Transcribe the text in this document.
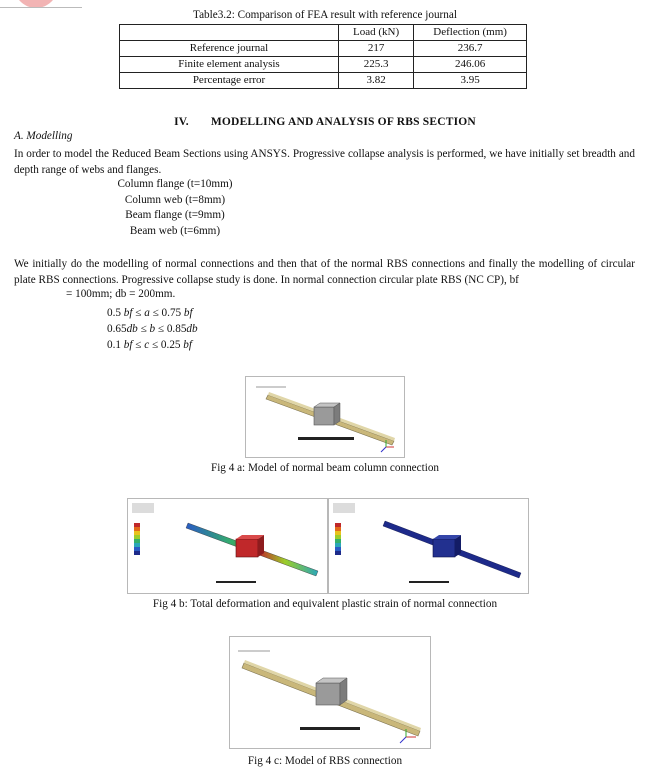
Table3.2: Comparison of FEA result with reference journal
	Load (kN)	Deflection (mm)
Reference journal	217	236.7
Finite element analysis	225.3	246.06
Percentage error	3.82	3.95
IV. MODELLING AND ANALYSIS OF RBS SECTION
A. Modelling
In order to model the Reduced Beam Sections using ANSYS. Progressive collapse analysis is performed, we have initially set breadth and depth range of webs and flanges.
Column flange (t=10mm)
Column web (t=8mm)
Beam flange (t=9mm)
Beam web (t=6mm)
We initially do the modelling of normal connections and then that of the normal RBS connections and finally the modelling of circular plate RBS connections. Progressive collapse study is done. In normal connection circular plate RBS (NC CP), bf
= 100mm; db = 200mm.
0.5 bf ≤ a ≤ 0.75 bf
0.65db ≤ b ≤ 0.85db
0.1 bf ≤ c ≤ 0.25 bf
Fig 4 a: Model of normal beam column connection
Fig 4 b: Total deformation and equivalent plastic strain of normal connection
Fig 4 c: Model of RBS connection
